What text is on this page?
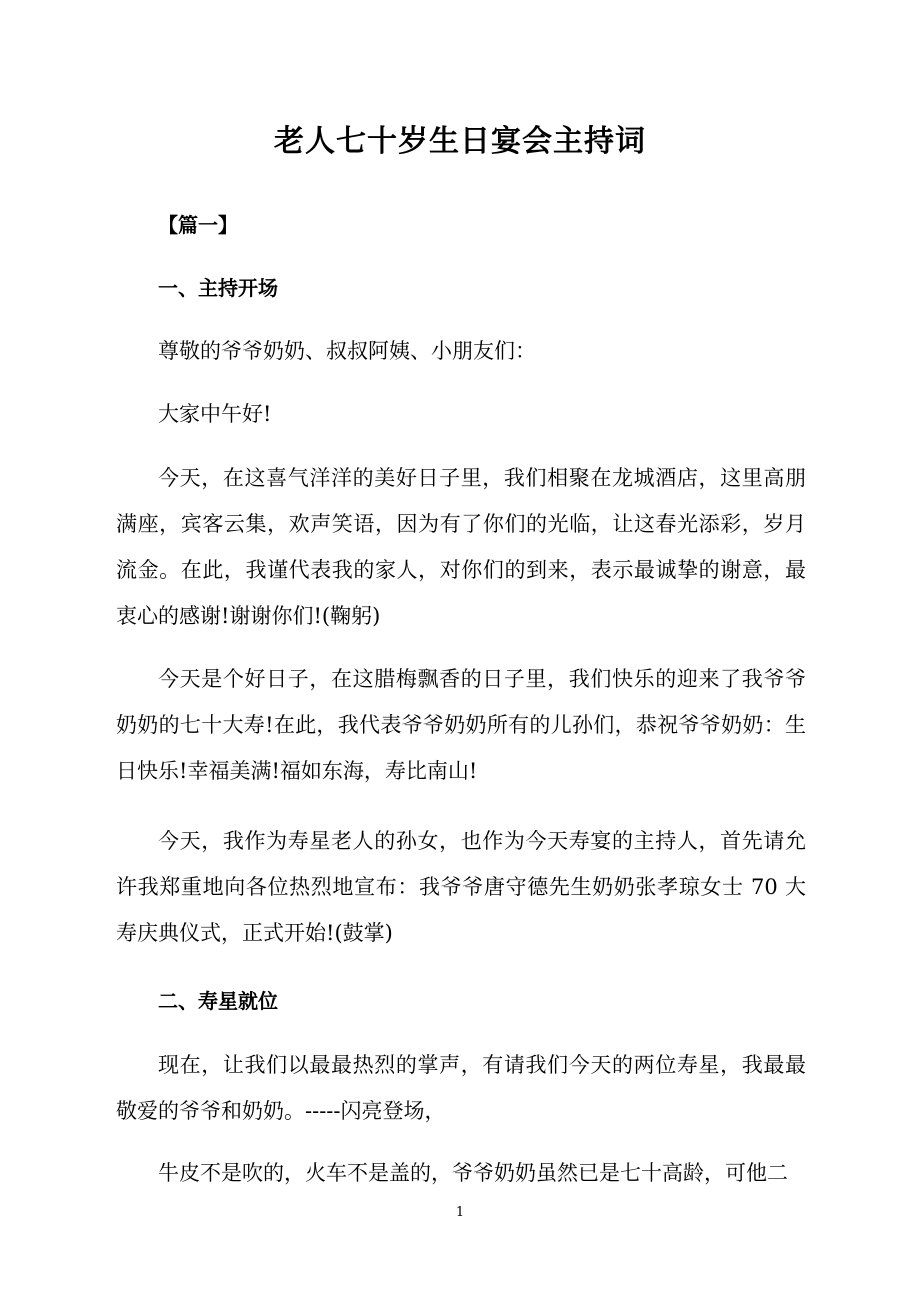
老人七十岁生日宴会主持词

【篇一】

一、主持开场

尊敬的爷爷奶奶、叔叔阿姨、小朋友们：

大家中午好!

今天，在这喜气洋洋的美好日子里，我们相聚在龙城酒店，这里高朋满座，宾客云集，欢声笑语，因为有了你们的光临，让这春光添彩，岁月流金。在此，我谨代表我的家人，对你们的到来，表示最诚挚的谢意，最衷心的感谢!谢谢你们!(鞠躬)

今天是个好日子，在这腊梅飘香的日子里，我们快乐的迎来了我爷爷奶奶的七十大寿!在此，我代表爷爷奶奶所有的儿孙们，恭祝爷爷奶奶：生日快乐!幸福美满!福如东海，寿比南山!

今天，我作为寿星老人的孙女，也作为今天寿宴的主持人，首先请允许我郑重地向各位热烈地宣布：我爷爷唐守德先生奶奶张孝琼女士 70 大寿庆典仪式，正式开始!(鼓掌)

二、寿星就位

现在，让我们以最最热烈的掌声，有请我们今天的两位寿星，我最最敬爱的爷爷和奶奶。-----闪亮登场，

牛皮不是吹的，火车不是盖的，爷爷奶奶虽然已是七十高龄，可他二

1
